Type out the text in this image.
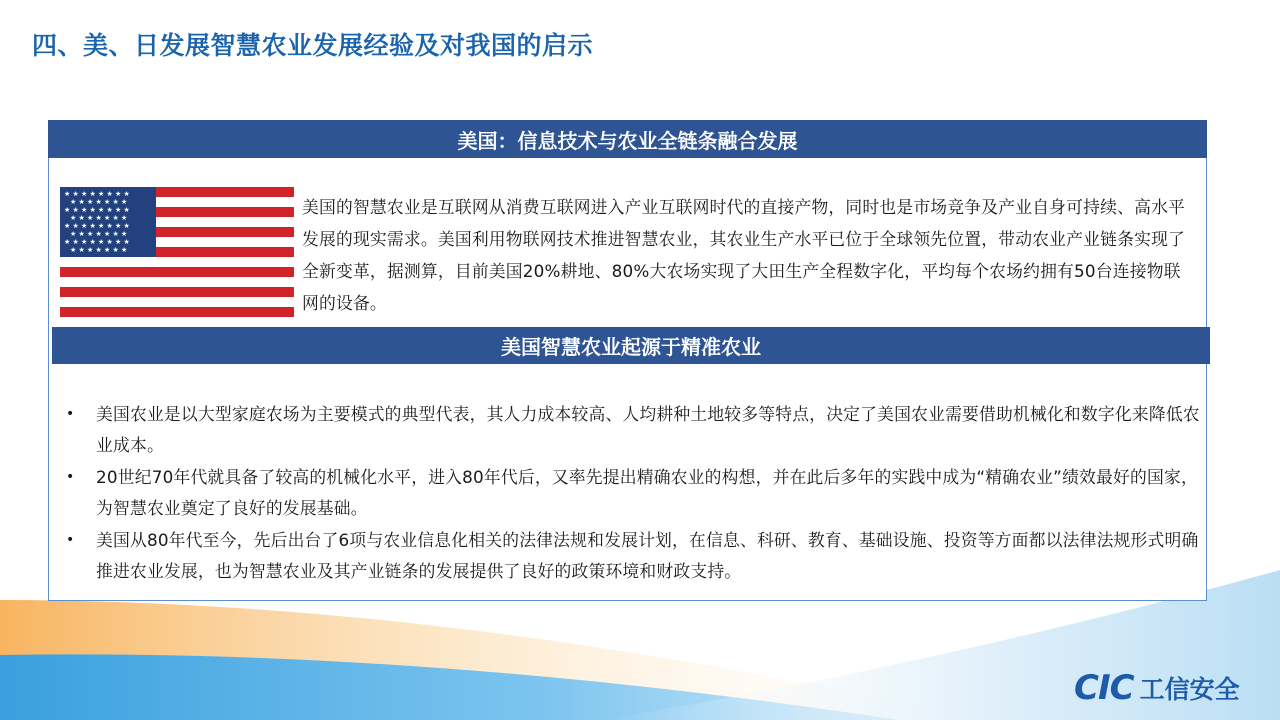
四、美、日发展智慧农业发展经验及对我国的启示
美国：信息技术与农业全链条融合发展
★ ★ ★ ★ ★ ★ ★ ★
★ ★ ★ ★ ★ ★ ★
★ ★ ★ ★ ★ ★ ★ ★
★ ★ ★ ★ ★ ★ ★
★ ★ ★ ★ ★ ★ ★ ★
★ ★ ★ ★ ★ ★ ★
★ ★ ★ ★ ★ ★ ★ ★
★ ★ ★ ★ ★ ★ ★
美国的智慧农业是互联网从消费互联网进入产业互联网时代的直接产物，同时也是市场竞争及产业自身可持续、高水平发展的现实需求。美国利用物联网技术推进智慧农业，其农业生产水平已位于全球领先位置，带动农业产业链条实现了全新变革，据测算，目前美国20%耕地、80%大农场实现了大田生产全程数字化，平均每个农场约拥有50台连接物联网的设备。
美国智慧农业起源于精准农业
• 美国农业是以大型家庭农场为主要模式的典型代表，其人力成本较高、人均耕种土地较多等特点，决定了美国农业需要借助机械化和数字化来降低农业成本。
• 20世纪70年代就具备了较高的机械化水平，进入80年代后，又率先提出精确农业的构想，并在此后多年的实践中成为“精确农业”绩效最好的国家，为智慧农业奠定了良好的发展基础。
• 美国从80年代至今，先后出台了6项与农业信息化相关的法律法规和发展计划，在信息、科研、教育、基础设施、投资等方面都以法律法规形式明确推进农业发展，也为智慧农业及其产业链条的发展提供了良好的政策环境和财政支持。
CIC 工信安全
